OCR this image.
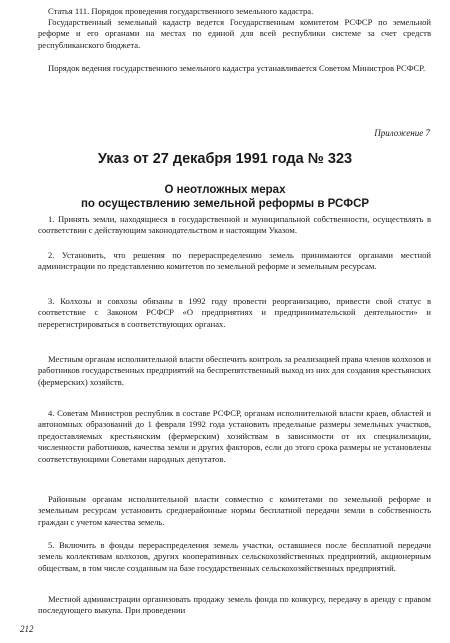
Статья 111. Порядок проведения государственного земельного кадастра.

Государственный земельный кадастр ведется Государственным комитетом РСФСР по земельной реформе и его органами на местах по единой для всей республики системе за счет средств республиканского бюджета.

Порядок ведения государственного земельного кадастра устанавливается Советом Министров РСФСР.

Приложение 7

Указ от 27 декабря 1991 года № 323
О неотложных мерах
по осуществлению земельной реформы в РСФСР

1. Принять земли, находящиеся в государственной и муниципальной собственности, осуществлять в соответствии с действующим законодательством и настоящим Указом.

2. Установить, что решения по перераспределению земель принимаются органами местной администрации по представлению комитетов по земельной реформе и земельным ресурсам.

3. Колхозы и совхозы обязаны в 1992 году провести реорганизацию, привести свой статус в соответствие с Законом РСФСР «О предприятиях и предпринимательской деятельности» и перерегистрироваться в соответствующих органах.

Местным органам исполнительной власти обеспечить контроль за реализацией права членов колхозов и работников государственных предприятий на беспрепятственный выход из них для создания крестьянских (фермерских) хозяйств.

4. Советам Министров республик в составе РСФСР, органам исполнительной власти краев, областей и автономных образований до 1 февраля 1992 года установить предельные размеры земельных участков, предоставляемых крестьянским (фермерским) хозяйствам в зависимости от их специализации, численности работников, качества земли и других факторов, если до этого срока размеры не установлены соответствующими Советами народных депутатов.

Районным органам исполнительной власти совместно с комитетами по земельной реформе и земельным ресурсам установить среднерайонные нормы бесплатной передачи земли в собственность граждан с учетом качества земель.

5. Включить в фонды перераспределения земель участки, оставшиеся после бесплатной передачи земель коллективам колхозов, других кооперативных сельскохозяйственных предприятий, акционерным обществам, в том числе созданным на базе государственных сельскохозяйственных предприятий.

Местной администрации организовать продажу земель фонда по конкурсу, передачу в аренду с правом последующего выкупа. При проведении

212
